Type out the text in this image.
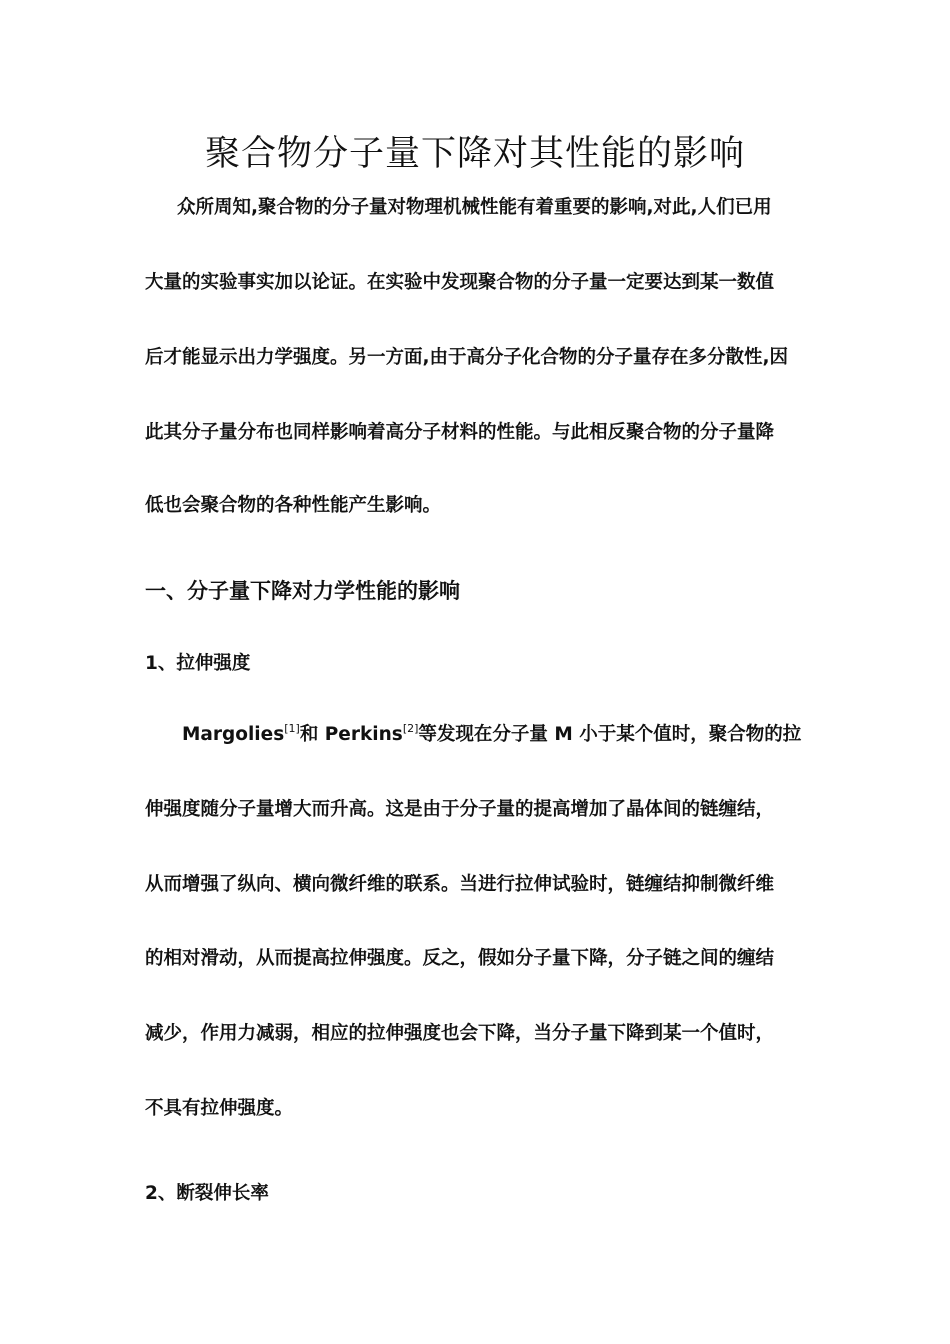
聚合物分子量下降对其性能的影响

众所周知,聚合物的分子量对物理机械性能有着重要的影响,对此,人们已用

大量的实验事实加以论证。在实验中发现聚合物的分子量一定要达到某一数值

后才能显示出力学强度。另一方面,由于高分子化合物的分子量存在多分散性,因

此其分子量分布也同样影响着高分子材料的性能。与此相反聚合物的分子量降

低也会聚合物的各种性能产生影响。

一、分子量下降对力学性能的影响
1、拉伸强度

Margolies[1]和 Perkins[2]等发现在分子量 M 小于某个值时，聚合物的拉

伸强度随分子量增大而升高。这是由于分子量的提高增加了晶体间的链缠结，

从而增强了纵向、横向微纤维的联系。当进行拉伸试验时，链缠结抑制微纤维

的相对滑动，从而提高拉伸强度。反之，假如分子量下降，分子链之间的缠结

减少，作用力减弱，相应的拉伸强度也会下降，当分子量下降到某一个值时，

不具有拉伸强度。

2、断裂伸长率
